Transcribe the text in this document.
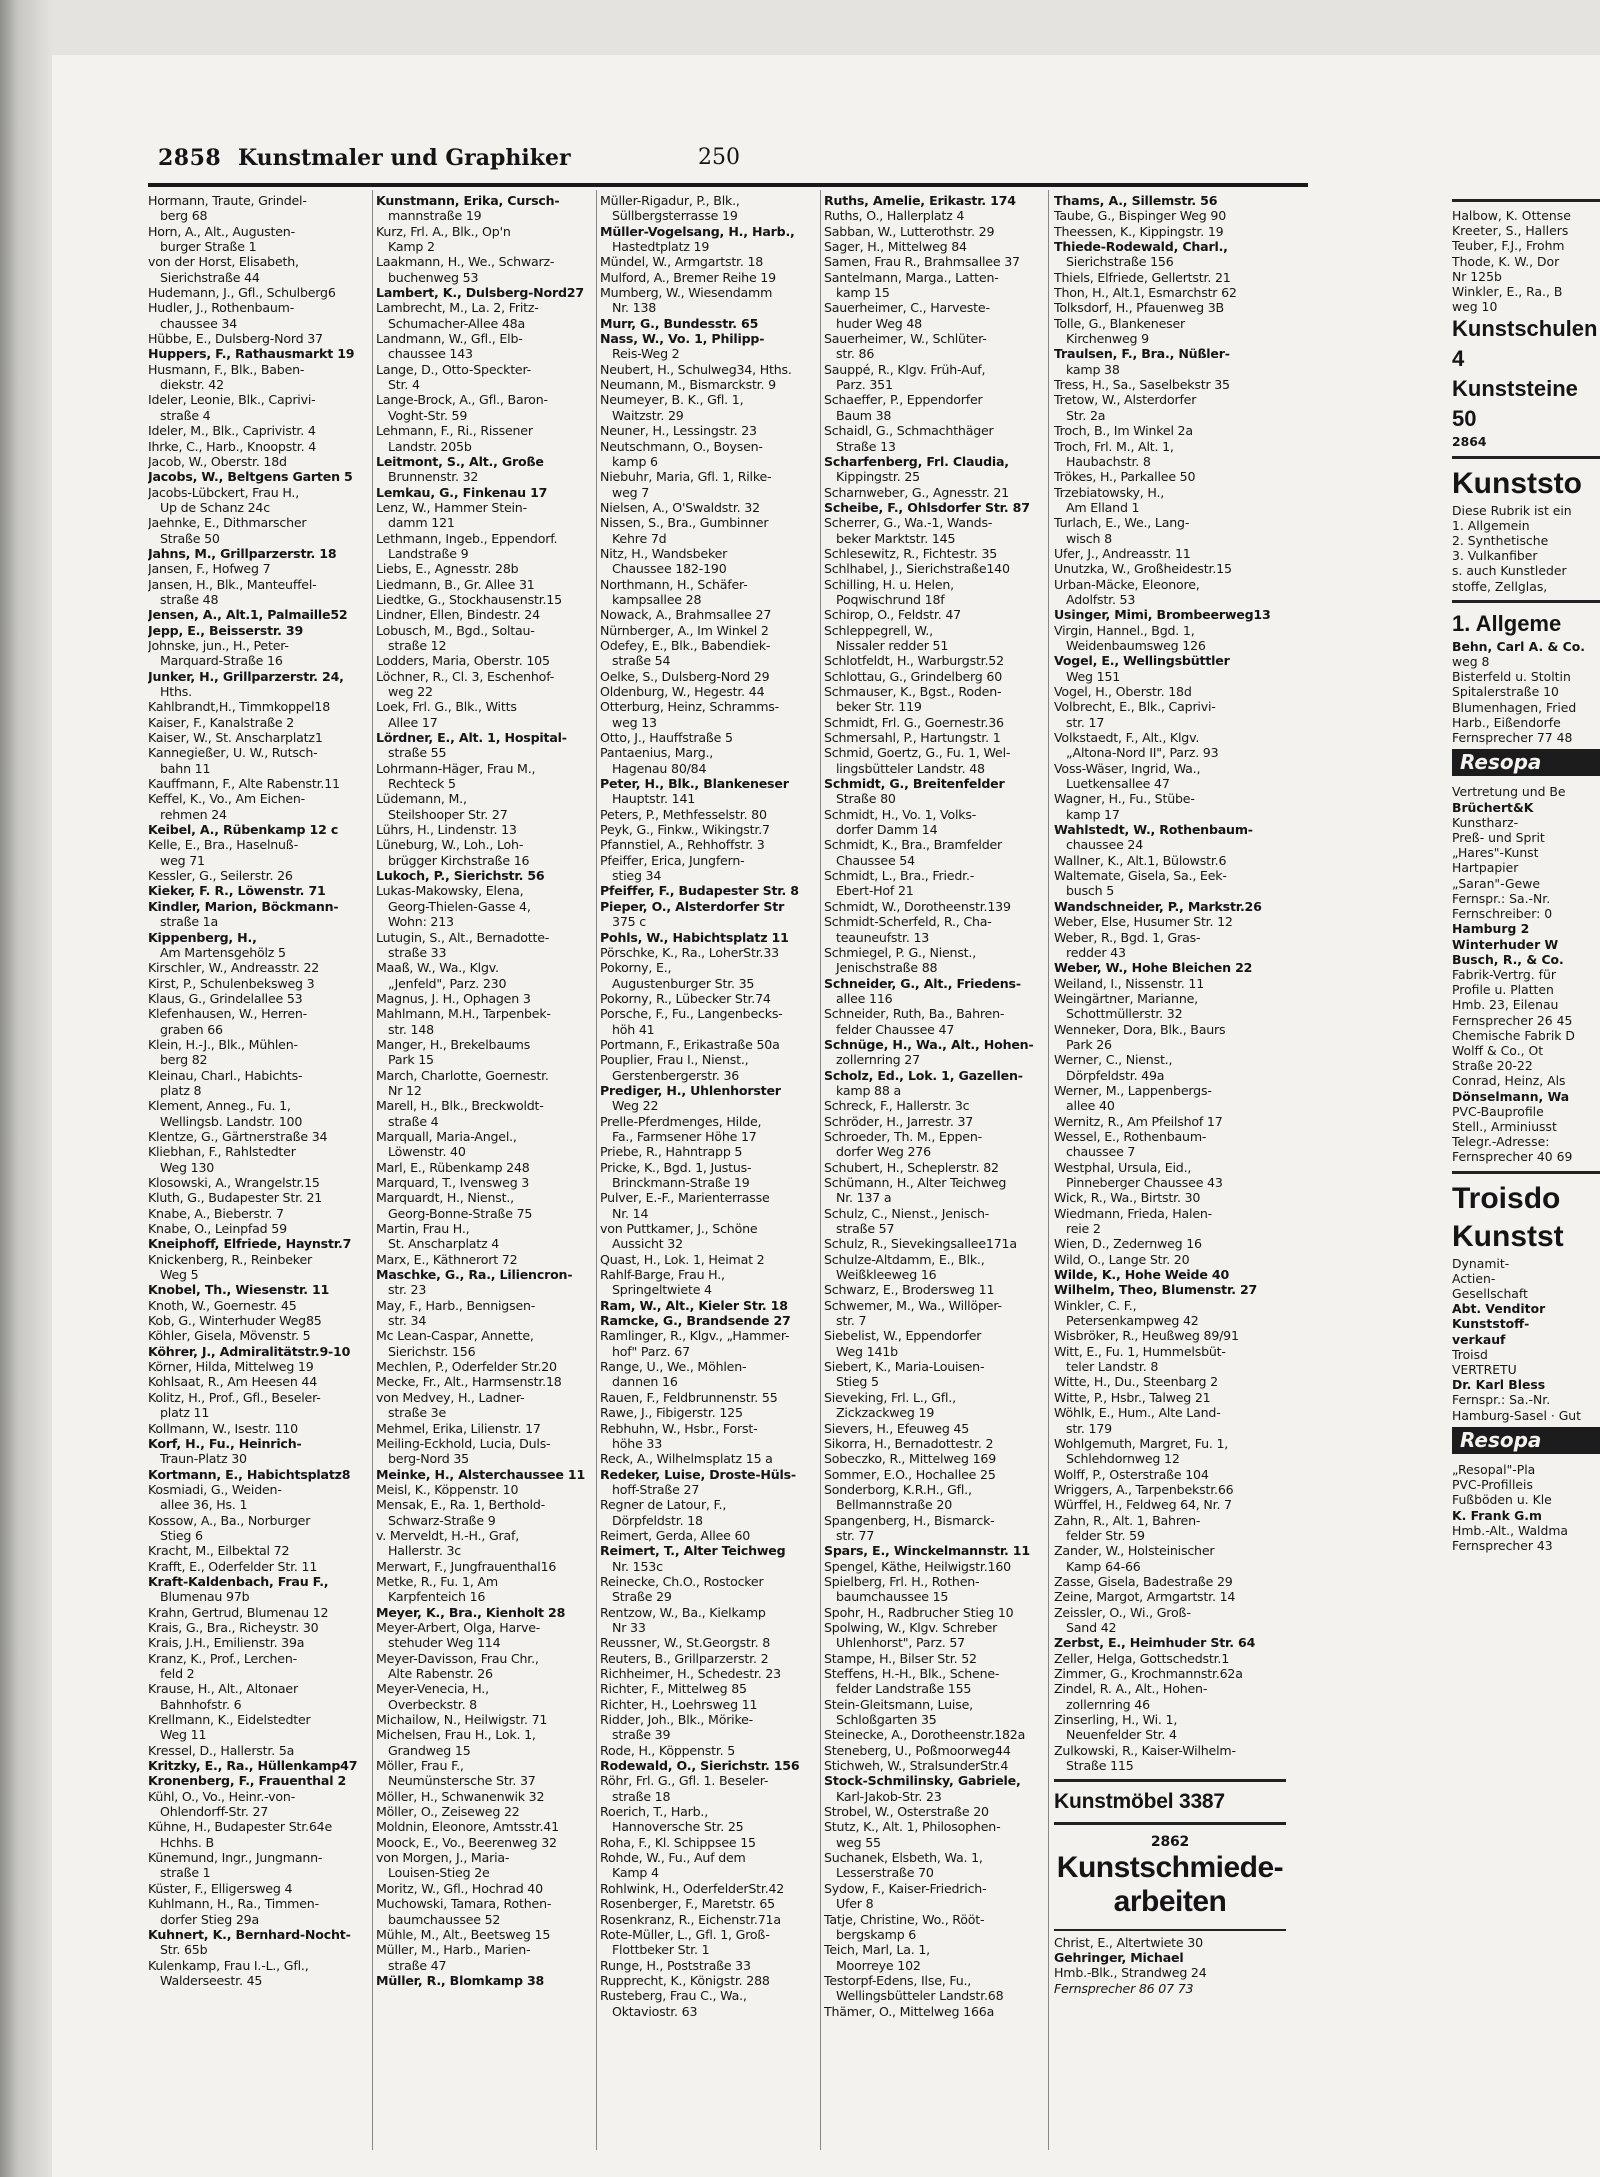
2858 Kunstmaler und Graphiker	250
Hormann, Traute, Grindel-
berg 68
Horn, A., Alt., Augusten-
burger Straße 1
von der Horst, Elisabeth,
Sierichstraße 44
Hudemann, J., Gfl., Schulberg6
Hudler, J., Rothenbaum-
chaussee 34
Hübbe, E., Dulsberg-Nord 37
Huppers, F., Rathausmarkt 19
Husmann, F., Blk., Baben-
diekstr. 42
Ideler, Leonie, Blk., Caprivi-
straße 4
Ideler, M., Blk., Caprivistr. 4
Ihrke, C., Harb., Knoopstr. 4
Jacob, W., Oberstr. 18d
Jacobs, W., Beltgens Garten 5
Jacobs-Lübckert, Frau H.,
Up de Schanz 24c
Jaehnke, E., Dithmarscher
Straße 50
Jahns, M., Grillparzerstr. 18
Jansen, F., Hofweg 7
Jansen, H., Blk., Manteuffel-
straße 48
Jensen, A., Alt.1, Palmaille52
Jepp, E., Beisserstr. 39
Johnske, jun., H., Peter-
Marquard-Straße 16
Junker, H., Grillparzerstr. 24,
Hths.
Kahlbrandt,H., Timmkoppel18
Kaiser, F., Kanalstraße 2
Kaiser, W., St. Anscharplatz1
Kannegießer, U. W., Rutsch-
bahn 11
Kauffmann, F., Alte Rabenstr.11
Keffel, K., Vo., Am Eichen-
rehmen 24
Keibel, A., Rübenkamp 12 c
Kelle, E., Bra., Haselnuß-
weg 71
Kessler, G., Seilerstr. 26
Kieker, F. R., Löwenstr. 71
Kindler, Marion, Böckmann-
straße 1a
Kippenberg, H.,
Am Martensgehölz 5
Kirschler, W., Andreasstr. 22
Kirst, P., Schulenbeksweg 3
Klaus, G., Grindelallee 53
Klefenhausen, W., Herren-
graben 66
Klein, H.-J., Blk., Mühlen-
berg 82
Kleinau, Charl., Habichts-
platz 8
Klement, Anneg., Fu. 1,
Wellingsb. Landstr. 100
Klentze, G., Gärtnerstraße 34
Kliebhan, F., Rahlstedter
Weg 130
Klosowski, A., Wrangelstr.15
Kluth, G., Budapester Str. 21
Knabe, A., Bieberstr. 7
Knabe, O., Leinpfad 59
Kneiphoff, Elfriede, Haynstr.7
Knickenberg, R., Reinbeker
Weg 5
Knobel, Th., Wiesenstr. 11
Knoth, W., Goernestr. 45
Kob, G., Winterhuder Weg85
Köhler, Gisela, Mövenstr. 5
Köhrer, J., Admiralitätstr.9-10
Körner, Hilda, Mittelweg 19
Kohlsaat, R., Am Heesen 44
Kolitz, H., Prof., Gfl., Beseler-
platz 11
Kollmann, W., Isestr. 110
Korf, H., Fu., Heinrich-
Traun-Platz 30
Kortmann, E., Habichtsplatz8
Kosmiadi, G., Weiden-
allee 36, Hs. 1
Kossow, A., Ba., Norburger
Stieg 6
Kracht, M., Eilbektal 72
Krafft, E., Oderfelder Str. 11
Kraft-Kaldenbach, Frau F.,
Blumenau 97b
Krahn, Gertrud, Blumenau 12
Krais, G., Bra., Richeystr. 30
Krais, J.H., Emilienstr. 39a
Kranz, K., Prof., Lerchen-
feld 2
Krause, H., Alt., Altonaer
Bahnhofstr. 6
Krellmann, K., Eidelstedter
Weg 11
Kressel, D., Hallerstr. 5a
Kritzky, E., Ra., Hüllenkamp47
Kronenberg, F., Frauenthal 2
Kühl, O., Vo., Heinr.-von-
Ohlendorff-Str. 27
Kühne, H., Budapester Str.64e
Hchhs. B
Künemund, Ingr., Jungmann-
straße 1
Küster, F., Elligersweg 4
Kuhlmann, H., Ra., Timmen-
dorfer Stieg 29a
Kuhnert, K., Bernhard-Nocht-
Str. 65b
Kulenkamp, Frau I.-L., Gfl.,
Waldersеestr. 45
Kunstmann, Erika, Cursch-
mannstraße 19
Kurz, Frl. A., Blk., Op'n
Kamp 2
Laakmann, H., We., Schwarz-
buchenweg 53
Lambert, K., Dulsberg-Nord27
Lambrecht, M., La. 2, Fritz-
Schumacher-Allee 48a
Landmann, W., Gfl., Elb-
chaussee 143
Lange, D., Otto-Speckter-
Str. 4
Lange-Brock, A., Gfl., Baron-
Voght-Str. 59
Lehmann, F., Ri., Rissener
Landstr. 205b
Leitmont, S., Alt., Große
Brunnenstr. 32
Lemkau, G., Finkenau 17
Lenz, W., Hammer Stein-
damm 121
Lethmann, Ingeb., Eppendorf.
Landstraße 9
Liebs, E., Agnesstr. 28b
Liedmann, B., Gr. Allee 31
Liedtke, G., Stockhausenstr.15
Lindner, Ellen, Bindestr. 24
Lobusch, M., Bgd., Soltau-
straße 12
Lodders, Maria, Oberstr. 105
Löchner, R., Cl. 3, Eschenhof-
weg 22
Loek, Frl. G., Blk., Witts
Allee 17
Lördner, E., Alt. 1, Hospital-
straße 55
Lohrmann-Häger, Frau M.,
Rechteck 5
Lüdemann, M.,
Steilshooper Str. 27
Lührs, H., Lindenstr. 13
Lüneburg, W., Loh., Loh-
brügger Kirchstraße 16
Lukoch, P., Sierichstr. 56
Lukas-Makowsky, Elena,
Georg-Thielen-Gasse 4,
Wohn: 213
Lutugin, S., Alt., Bernadotte-
straße 33
Maaß, W., Wa., Klgv.
„Jenfeld", Parz. 230
Magnus, J. H., Ophagen 3
Mahlmann, M.H., Tarpenbek-
str. 148
Manger, H., Brekelbaums
Park 15
March, Charlotte, Goernestr.
Nr 12
Marell, H., Blk., Breckwoldt-
straße 4
Marquall, Maria-Angel.,
Löwenstr. 40
Marl, E., Rübenkamp 248
Marquard, T., Ivensweg 3
Marquardt, H., Nienst.,
Georg-Bonne-Straße 75
Martin, Frau H.,
St. Anscharplatz 4
Marx, E., Käthnerort 72
Maschke, G., Ra., Liliencron-
str. 23
May, F., Harb., Bennigsen-
str. 34
Mc Lean-Caspar, Annette,
Sierichstr. 156
Mechlen, P., Oderfelder Str.20
Mecke, Fr., Alt., Harmsenstr.18
von Medvey, H., Ladner-
straße 3e
Mehmel, Erika, Lilienstr. 17
Meiling-Eckhold, Lucia, Duls-
berg-Nord 35
Meinke, H., Alsterchaussee 11
Meisl, K., Köppenstr. 10
Mensak, E., Ra. 1, Berthold-
Schwarz-Straße 9
v. Merveldt, H.-H., Graf,
Hallerstr. 3c
Merwart, F., Jungfrauenthal16
Metke, R., Fu. 1, Am
Karpfenteich 16
Meyer, K., Bra., Kienholt 28
Meyer-Arbert, Olga, Harve-
stehuder Weg 114
Meyer-Davisson, Frau Chr.,
Alte Rabenstr. 26
Meyer-Venecia, H.,
Overbeckstr. 8
Michailow, N., Heilwigstr. 71
Michelsen, Frau H., Lok. 1,
Grandweg 15
Möller, Frau F.,
Neumünstersche Str. 37
Möller, H., Schwanenwik 32
Möller, O., Zeiseweg 22
Moldnin, Eleonore, Amtsstr.41
Moock, E., Vo., Beerenweg 32
von Morgen, J., Maria-
Louisen-Stieg 2e
Moritz, W., Gfl., Hochrad 40
Muchowski, Tamara, Rothen-
baumchaussee 52
Mühle, M., Alt., Beetsweg 15
Müller, M., Harb., Marien-
straße 47
Müller, R., Blomkamp 38
Müller-Rigadur, P., Blk.,
Süllbergsterrasse 19
Müller-Vogelsang, H., Harb.,
Hastedtplatz 19
Mündel, W., Armgartstr. 18
Mulford, A., Bremer Reihe 19
Mumberg, W., Wiesendamm
Nr. 138
Murr, G., Bundesstr. 65
Nass, W., Vo. 1, Philipp-
Reis-Weg 2
Neubert, H., Schulweg34, Hths.
Neumann, M., Bismarckstr. 9
Neumeyer, B. K., Gfl. 1,
Waitzstr. 29
Neuner, H., Lessingstr. 23
Neutschmann, O., Boysen-
kamp 6
Niebuhr, Maria, Gfl. 1, Rilke-
weg 7
Nielsen, A., O'Swaldstr. 32
Nissen, S., Bra., Gumbinner
Kehre 7d
Nitz, H., Wandsbeker
Chaussee 182-190
Northmann, H., Schäfer-
kampsallee 28
Nowack, A., Brahmsallee 27
Nürnberger, A., Im Winkel 2
Odefey, E., Blk., Babendiek-
straße 54
Oelke, S., Dulsberg-Nord 29
Oldenburg, W., Hegestr. 44
Otterburg, Heinz, Schramms-
weg 13
Otto, J., Hauffstraße 5
Pantaenius, Marg.,
Hagenau 80/84
Peter, H., Blk., Blankeneser
Hauptstr. 141
Peters, P., Methfesselstr. 80
Peyk, G., Finkw., Wikingstr.7
Pfannstiel, A., Rehhoffstr. 3
Pfeiffer, Erica, Jungfern-
stieg 34
Pfeiffer, F., Budapester Str. 8
Pieper, O., Alsterdorfer Str
375 c
Pohls, W., Habichtsplatz 11
Pörschke, K., Ra., LoherStr.33
Pokorny, E.,
Augustenburger Str. 35
Pokorny, R., Lübecker Str.74
Porsche, F., Fu., Langenbecks-
höh 41
Portmann, F., Erikastraße 50a
Pouplier, Frau I., Nienst.,
Gerstenbergerstr. 36
Prediger, H., Uhlenhorster
Weg 22
Prelle-Pferdmenges, Hilde,
Fa., Farmsener Höhe 17
Priebe, R., Hahntrapp 5
Pricke, K., Bgd. 1, Justus-
Brinckmann-Straße 19
Pulver, E.-F., Marienterrasse
Nr. 14
von Puttkamer, J., Schöne
Aussicht 32
Quast, H., Lok. 1, Heimat 2
Rahlf-Barge, Frau H.,
Springeltwiete 4
Ram, W., Alt., Kieler Str. 18
Ramcke, G., Brandsende 27
Ramlinger, R., Klgv., „Hammer-
hof" Parz. 67
Range, U., We., Möhlen-
dannen 16
Rauen, F., Feldbrunnenstr. 55
Rawe, J., Fibigerstr. 125
Rebhuhn, W., Hsbr., Forst-
höhe 33
Reck, A., Wilhelmsplatz 15 a
Redeker, Luise, Droste-Hüls-
hoff-Straße 27
Regner de Latour, F.,
Dörpfeldstr. 18
Reimert, Gerda, Allee 60
Reimert, T., Alter Teichweg
Nr. 153c
Reinecke, Ch.O., Rostocker
Straße 29
Rentzow, W., Ba., Kielkamp
Nr 33
Reussner, W., St.Georgstr. 8
Reuters, B., Grillparzerstr. 2
Richheimer, H., Schedestr. 23
Richter, F., Mittelweg 85
Richter, H., Loehrsweg 11
Ridder, Joh., Blk., Mörike-
straße 39
Rode, H., Köppenstr. 5
Rodewald, O., Sierichstr. 156
Röhr, Frl. G., Gfl. 1. Beseler-
straße 18
Roerich, T., Harb.,
Hannoversche Str. 25
Roha, F., Kl. Schippsee 15
Rohde, W., Fu., Auf dem
Kamp 4
Rohlwink, H., OderfelderStr.42
Rosenberger, F., Maretstr. 65
Rosenkranz, R., Eichenstr.71a
Rote-Müller, L., Gfl. 1, Groß-
Flottbeker Str. 1
Runge, H., Poststraße 33
Rupprecht, K., Königstr. 288
Rusteberg, Frau C., Wa.,
Oktaviostr. 63
Ruths, Amelie, Erikastr. 174
Ruths, O., Hallerplatz 4
Sabban, W., Lutterothstr. 29
Sager, H., Mittelweg 84
Samen, Frau R., Brahmsallee 37
Santelmann, Marga., Latten-
kamp 15
Sauerheimer, C., Harveste-
huder Weg 48
Sauerheimer, W., Schlüter-
str. 86
Sauppé, R., Klgv. Früh-Auf,
Parz. 351
Schaeffer, P., Eppendorfer
Baum 38
Schaidl, G., Schmachthäger
Straße 13
Scharfenberg, Frl. Claudia,
Kippingstr. 25
Scharnweber, G., Agnesstr. 21
Scheibe, F., Ohlsdorfer Str. 87
Scherrer, G., Wa.-1, Wands-
beker Marktstr. 145
Schlesewitz, R., Fichtestr. 35
Schlhabel, J., Sierichstraße140
Schilling, H. u. Helen,
Poqwischrund 18f
Schirop, O., Feldstr. 47
Schleppegrell, W.,
Nissaler redder 51
Schlotfeldt, H., Warburgstr.52
Schlottau, G., Grindelberg 60
Schmauser, K., Bgst., Roden-
beker Str. 119
Schmidt, Frl. G., Goernestr.36
Schmersahl, P., Hartungstr. 1
Schmid, Goertz, G., Fu. 1, Wel-
lingsbütteler Landstr. 48
Schmidt, G., Breitenfelder
Straße 80
Schmidt, H., Vo. 1, Volks-
dorfer Damm 14
Schmidt, K., Bra., Bramfelder
Chaussee 54
Schmidt, L., Bra., Friedr.-
Ebert-Hof 21
Schmidt, W., Dorotheenstr.139
Schmidt-Scherfeld, R., Cha-
teauneufstr. 13
Schmiegel, P. G., Nienst.,
Jenischstraße 88
Schneider, G., Alt., Friedens-
allee 116
Schneider, Ruth, Ba., Bahren-
felder Chaussee 47
Schnüge, H., Wa., Alt., Hohen-
zollernring 27
Scholz, Ed., Lok. 1, Gazellen-
kamp 88 a
Schreck, F., Hallerstr. 3c
Schröder, H., Jarrestr. 37
Schroeder, Th. M., Eppen-
dorfer Weg 276
Schubert, H., Scheplerstr. 82
Schümann, H., Alter Teichweg
Nr. 137 a
Schulz, C., Nienst., Jenisch-
straße 57
Schulz, R., Sievekingsallee171a
Schulze-Altdamm, E., Blk.,
Weißkleeweg 16
Schwarz, E., Brodersweg 11
Schwemer, M., Wa., Willöper-
str. 7
Siebelist, W., Eppendorfer
Weg 141b
Siebert, K., Maria-Louisen-
Stieg 5
Sieveking, Frl. L., Gfl.,
Zickzackweg 19
Sievers, H., Efeuweg 45
Sikorra, H., Bernadottestr. 2
Sobeczko, R., Mittelweg 169
Sommer, E.O., Hochallee 25
Sonderborg, K.R.H., Gfl.,
Bellmannstraße 20
Spangenberg, H., Bismarck-
str. 77
Spars, E., Winckelmannstr. 11
Spengel, Käthe, Heilwigstr.160
Spielberg, Frl. H., Rothen-
baumchaussee 15
Spohr, H., Radbrucher Stieg 10
Spolwing, W., Klgv. Schreber
Uhlenhorst", Parz. 57
Stampe, H., Bilser Str. 52
Steffens, H.-H., Blk., Schene-
felder Landstraße 155
Stein-Gleitsmann, Luise,
Schloßgarten 35
Steinecke, A., Dorotheenstr.182a
Steneberg, U., Poßmoorweg44
Stichweh, W., StralsunderStr.4
Stock-Schmilinsky, Gabriele,
Karl-Jakob-Str. 23
Strobel, W., Osterstraße 20
Stutz, K., Alt. 1, Philosophen-
weg 55
Suchanek, Elsbeth, Wa. 1,
Lesserstraße 70
Sydow, F., Kaiser-Friedrich-
Ufer 8
Tatje, Christine, Wo., Rööt-
bergskamp 6
Teich, Marl, La. 1,
Moorreye 102
Testorpf-Edens, Ilse, Fu.,
Wellingsbütteler Landstr.68
Thämer, O., Mittelweg 166a
Thams, A., Sillemstr. 56
Taube, G., Bispinger Weg 90
Theessen, K., Kippingstr. 19
Thiede-Rodewald, Charl.,
Sierichstraße 156
Thiels, Elfriede, Gellertstr. 21
Thon, H., Alt.1, Esmarchstr 62
Tolksdorf, H., Pfauenweg 3B
Tolle, G., Blankeneser
Kirchenweg 9
Traulsen, F., Bra., Nüßler-
kamp 38
Tress, H., Sa., Saselbekstr 35
Tretow, W., Alsterdorfer
Str. 2a
Troch, B., Im Winkel 2a
Troch, Frl. M., Alt. 1,
Haubachstr. 8
Trökes, H., Parkallee 50
Trzebiatowsky, H.,
Am Elland 1
Turlach, E., We., Lang-
wisch 8
Ufer, J., Andreasstr. 11
Unutzka, W., Großheidestr.15
Urban-Mäcke, Eleonore,
Adolfstr. 53
Usinger, Mimi, Brombeerweg13
Virgin, Hannel., Bgd. 1,
Weidenbaumsweg 126
Vogel, E., Wellingsbüttler
Weg 151
Vogel, H., Oberstr. 18d
Volbrecht, E., Blk., Caprivi-
str. 17
Volkstaedt, F., Alt., Klgv.
„Altona-Nord II", Parz. 93
Voss-Wäser, Ingrid, Wa.,
Luetkensallee 47
Wagner, H., Fu., Stübe-
kamp 17
Wahlstedt, W., Rothenbaum-
chaussee 24
Wallner, K., Alt.1, Bülowstr.6
Waltemate, Gisela, Sa., Eek-
busch 5
Wandschneider, P., Markstr.26
Weber, Else, Husumer Str. 12
Weber, R., Bgd. 1, Gras-
redder 43
Weber, W., Hohe Bleichen 22
Weiland, I., Nissenstr. 11
Weingärtner, Marianne,
Schottmüllerstr. 32
Wenneker, Dora, Blk., Baurs
Park 26
Werner, C., Nienst.,
Dörpfeldstr. 49a
Werner, M., Lappenbergs-
allee 40
Wernitz, R., Am Pfeilshof 17
Wessel, E., Rothenbaum-
chaussee 7
Westphal, Ursula, Eid.,
Pinneberger Chaussee 43
Wick, R., Wa., Birtstr. 30
Wiedmann, Frieda, Halen-
reie 2
Wien, D., Zedernweg 16
Wild, O., Lange Str. 20
Wilde, K., Hohe Weide 40
Wilhelm, Theo, Blumenstr. 27
Winkler, C. F.,
Petersenkampweg 42
Wisbröker, R., Heußweg 89/91
Witt, E., Fu. 1, Hummelsbüt-
teler Landstr. 8
Witte, H., Du., Steenbarg 2
Witte, P., Hsbr., Talweg 21
Wöhlk, E., Hum., Alte Land-
str. 179
Wohlgemuth, Margret, Fu. 1,
Schlehdornweg 12
Wolff, P., Osterstraße 104
Wriggers, A., Tarpenbekstr.66
Würffel, H., Feldweg 64, Nr. 7
Zahn, R., Alt. 1, Bahren-
felder Str. 59
Zander, W., Holsteinischer
Kamp 64-66
Zasse, Gisela, Badestraße 29
Zeine, Margot, Armgartstr. 14
Zeissler, O., Wi., Groß-
Sand 42
Zerbst, E., Heimhuder Str. 64
Zeller, Helga, Gottschedstr.1
Zimmer, G., Krochmannstr.62a
Zindel, R. A., Alt., Hohen-
zollernring 46
Zinserling, H., Wi. 1,
Neuenfelder Str. 4
Zulkowski, R., Kaiser-Wilhelm-
Straße 115
Kunstmöbel 3387
2862
Kunstschmiede-
arbeiten
Christ, E., Altertwiete 30
Gehringer, Michael
Hmb.-Blk., Strandweg 24
Fernsprecher 86 07 73
Halbow, K. Ottense
Kreeter, S., Hallers
Teuber, F.J., Frohm
Thode, K. W., Dor
Nr 125b
Winkler, E., Ra., B
weg 10
Kunstschulen 4
Kunststeine 50
2864
Kunststo
Diese Rubrik ist ein
1. Allgemein
2. Synthetische
3. Vulkanfiber
s. auch Kunstleder
stoffe, Zellglas,
1. Allgeme
Behn, Carl A. & Co.
weg 8
Bisterfeld u. Stoltin
Spitalerstraße 10
Blumenhagen, Fried
Harb., Eißendorfe
Fernsprecher 77 48
Resopa
Vertretung und Be
Brüchert&K
Kunstharz-
Preß- und Sprit
„Hares"-Kunst
Hartpapier
„Saran"-Gewe
Fernspr.: Sa.-Nr.
Fernschreiber: 0
Hamburg 2
Winterhuder W
Busch, R., & Co.
Fabrik-Vertrg. für
Profile u. Platten
Hmb. 23, Eilenau
Fernsprecher 26 45
Chemische Fabrik D
Wolff & Co., Ot
Straße 20-22
Conrad, Heinz, Als
Dönselmann, Wa
PVC-Bauprofile
Stell., Arminiusst
Telegr.-Adresse:
Fernsprecher 40 69
Troisdo
Kunstst
Dynamit-
Actien-
Gesellschaft
Abt. Venditor
Kunststoff-
verkauf
Troisd
VERTRETU
Dr. Karl Bless
Fernspr.: Sa.-Nr.
Hamburg-Sasel · Gut
Resopa
„Resopal"-Pla
PVC-Profilleis
Fußböden u. Kle
K. Frank G.m
Hmb.-Alt., Waldma
Fernsprecher 43
